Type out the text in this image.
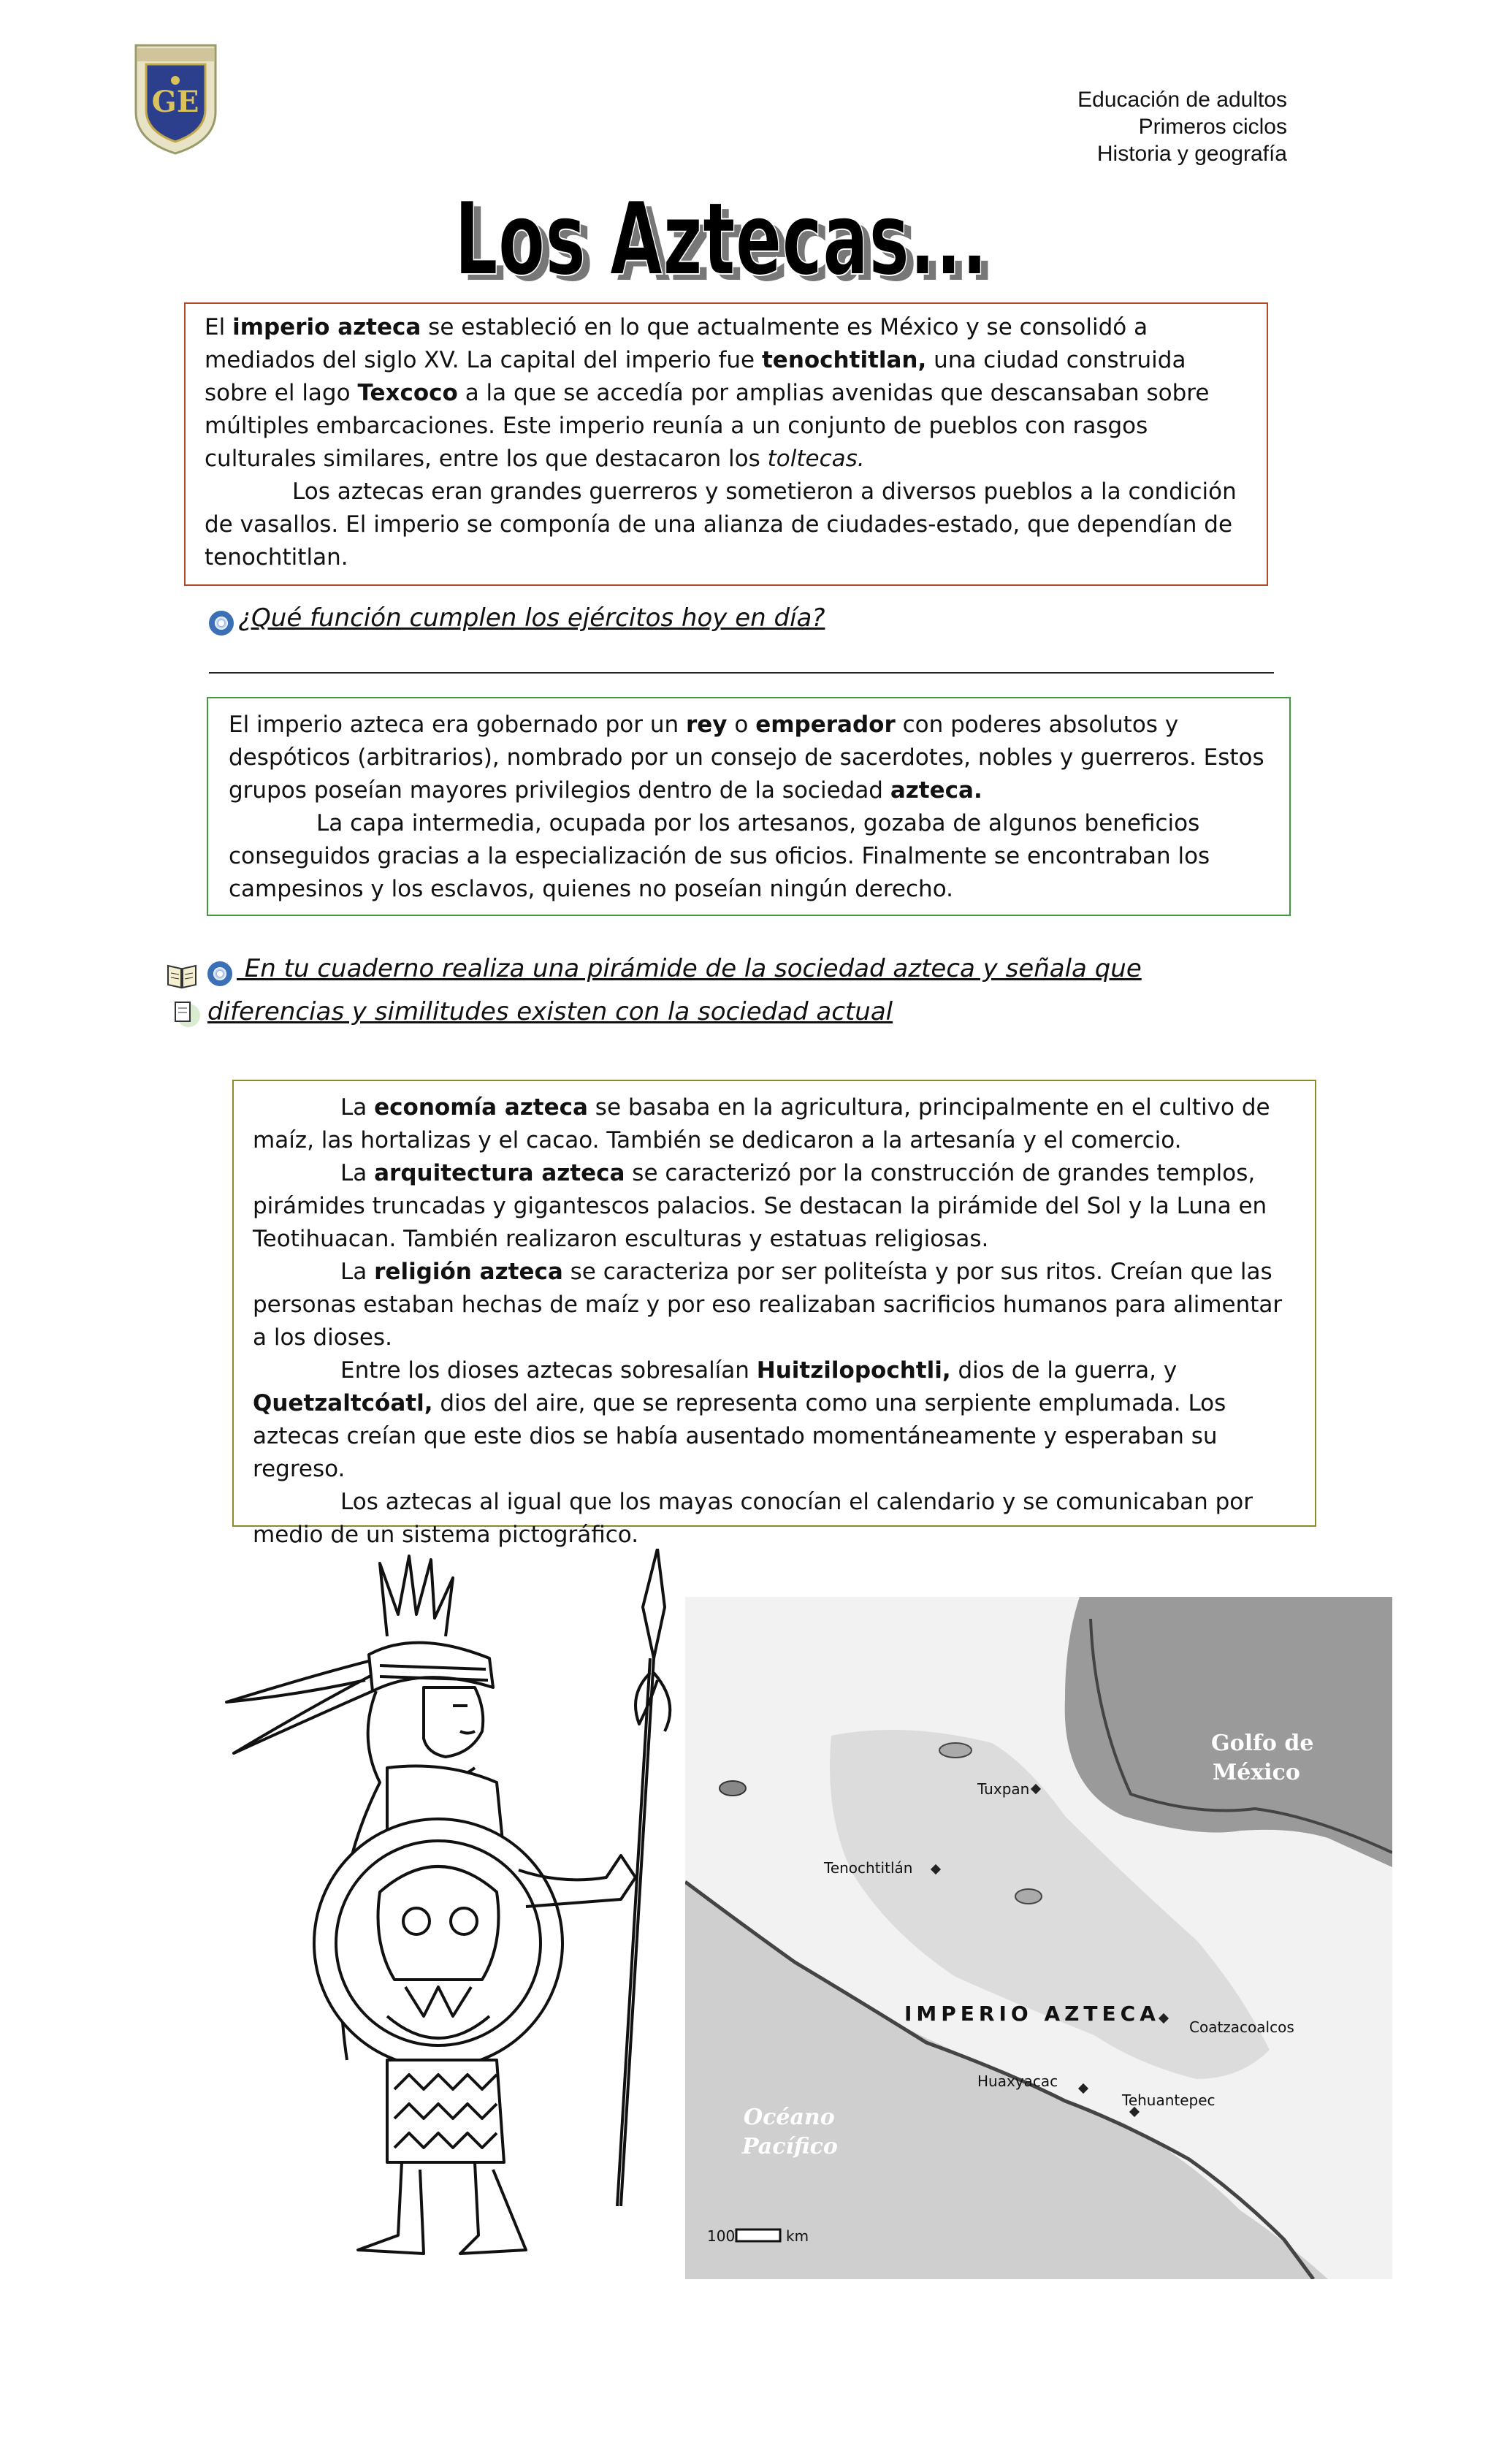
GE	Educación de adultos
Primeros ciclos
Historia y geografía
Los Aztecas...
Los Aztecas...

El imperio azteca se estableció en lo que actualmente es México y se consolidó a mediados del siglo XV. La capital del imperio fue tenochtitlan, una ciudad construida sobre el lago Texcoco a la que se accedía por amplias avenidas que descansaban sobre múltiples embarcaciones. Este imperio reunía a un conjunto de pueblos con rasgos culturales similares, entre los que destacaron los toltecas.

Los aztecas eran grandes guerreros y sometieron a diversos pueblos a la condición de vasallos. El imperio se componía de una alianza de ciudades-estado, que dependían de tenochtitlan.

¿Qué función cumplen los ejércitos hoy en día?

El imperio azteca era gobernado por un rey o emperador con poderes absolutos y despóticos (arbitrarios), nombrado por un consejo de sacerdotes, nobles y guerreros. Estos grupos poseían mayores privilegios dentro de la sociedad azteca.

La capa intermedia, ocupada por los artesanos, gozaba de algunos beneficios conseguidos gracias a la especialización de sus oficios. Finalmente se encontraban los campesinos y los esclavos, quienes no poseían ningún derecho.

En tu cuaderno realiza una pirámide de la sociedad azteca y señala que diferencias y similitudes existen con la sociedad actual

La economía azteca se basaba en la agricultura, principalmente en el cultivo de maíz, las hortalizas y el cacao. También se dedicaron a la artesanía y el comercio.

La arquitectura azteca se caracterizó por la construcción de grandes templos, pirámides truncadas y gigantescos palacios. Se destacan la pirámide del Sol y la Luna en Teotihuacan. También realizaron esculturas y estatuas religiosas.

La religión azteca se caracteriza por ser politeísta y por sus ritos. Creían que las personas estaban hechas de maíz y por eso realizaban sacrificios humanos para alimentar a los dioses.

Entre los dioses aztecas sobresalían Huitzilopochtli, dios de la guerra, y Quetzaltcóatl, dios del aire, que se representa como una serpiente emplumada. Los aztecas creían que este dios se había ausentado momentáneamente y esperaban su regreso.

Los aztecas al igual que los mayas conocían el calendario y se comunicaban por medio de un sistema pictográfico.

Golfo de
México
Océano
Pacífico
IMPERIO AZTECA
Tuxpan
Tenochtitlán
Coatzacoalcos
Huaxyacac
Tehuantepec
100	km
